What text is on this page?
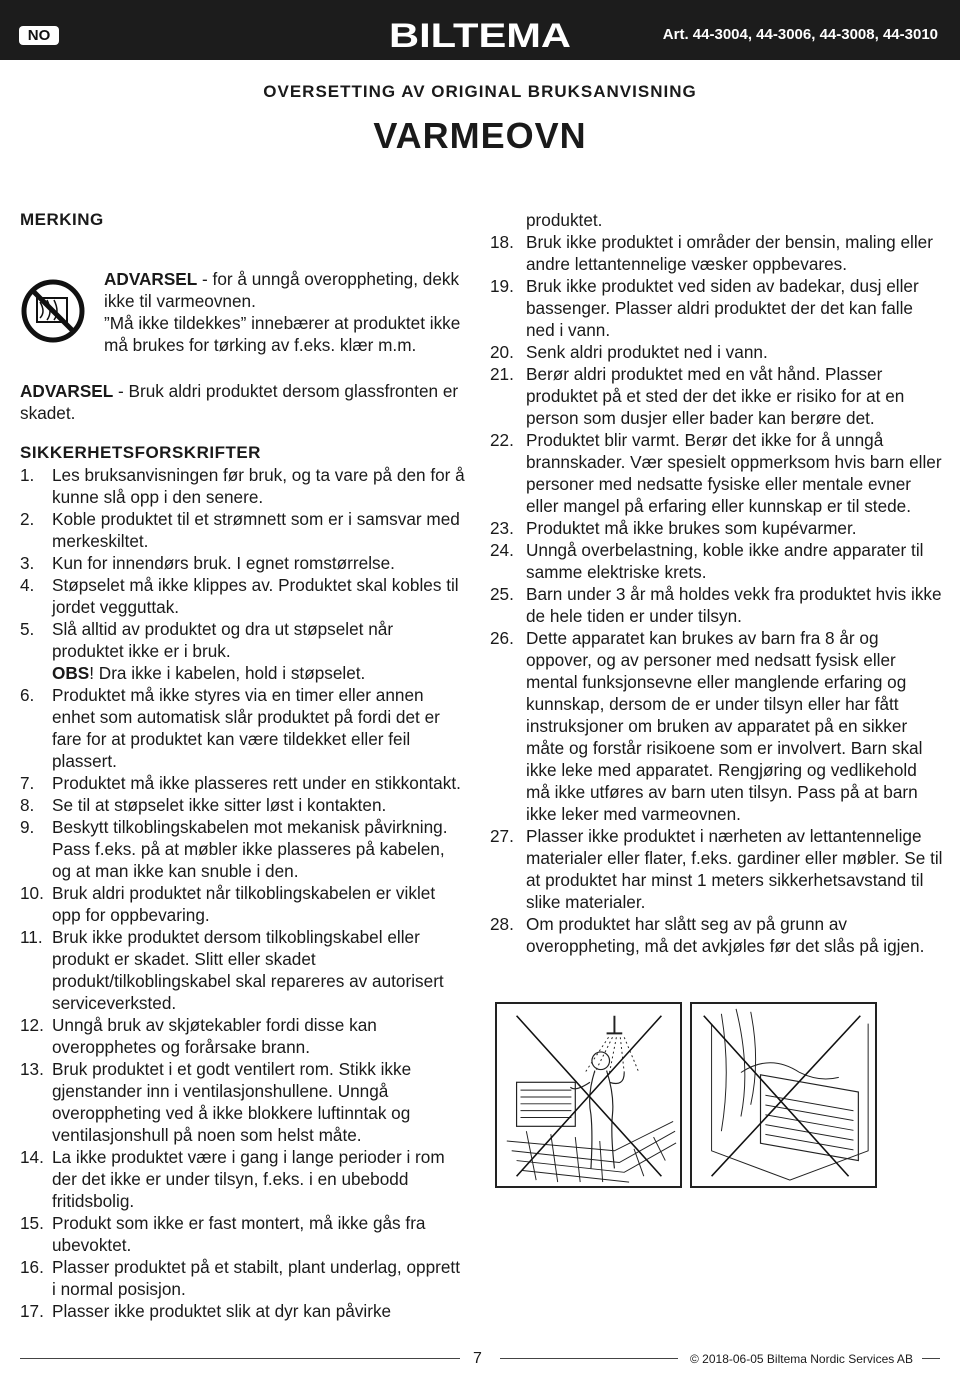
NO	BILTEMA	Art. 44-3004, 44-3006, 44-3008, 44-3010
OVERSETTING AV ORIGINAL BRUKSANVISNING
VARMEOVN
MERKING

ADVARSEL - for å unngå overoppheting, dekk ikke til varmeovnen.

”Må ikke tildekkes” innebærer at produktet ikke må brukes for tørking av f.eks. klær m.m.

ADVARSEL - Bruk aldri produktet dersom glassfronten er skadet.

SIKKERHETSFORSKRIFTER
1.	Les bruksanvisningen før bruk, og ta vare på den for å kunne slå opp i den senere.
2.	Koble produktet til et strømnett som er i samsvar med merkeskiltet.
3.	Kun for innendørs bruk. I egnet romstørrelse.
4.	Støpselet må ikke klippes av. Produktet skal kobles til jordet vegguttak.
5.	Slå alltid av produktet og dra ut støpselet når produktet ikke er i bruk.
OBS! Dra ikke i kabelen, hold i støpselet.
6.	Produktet må ikke styres via en timer eller annen enhet som automatisk slår produktet på fordi det er fare for at produktet kan være tildekket eller feil plassert.
7.	Produktet må ikke plasseres rett under en stikkontakt.
8.	Se til at støpselet ikke sitter løst i kontakten.
9.	Beskytt tilkoblingskabelen mot mekanisk påvirkning. Pass f.eks. på at møbler ikke plasseres på kabelen, og at man ikke kan snuble i den.
10. Bruk aldri produktet når tilkoblingskabelen er viklet opp for oppbevaring.
11. Bruk ikke produktet dersom tilkoblingskabel eller produkt er skadet. Slitt eller skadet produkt/tilkoblingskabel skal repareres av autorisert serviceverksted.
12. Unngå bruk av skjøtekabler fordi disse kan overopphetes og forårsake brann.
13. Bruk produktet i et godt ventilert rom. Stikk ikke gjenstander inn i ventilasjonshullene. Unngå overoppheting ved å ikke blokkere luftinntak og ventilasjonshull på noen som helst måte.
14. La ikke produktet være i gang i lange perioder i rom der det ikke er under tilsyn, f.eks. i en ubebodd fritidsbolig.
15. Produkt som ikke er fast montert, må ikke gås fra ubevoktet.
16. Plasser produktet på et stabilt, plant underlag, opprett i normal posisjon.
17. Plasser ikke produktet slik at dyr kan påvirke
produktet.
18. Bruk ikke produktet i områder der bensin, maling eller andre lettantennelige væsker oppbevares.
19. Bruk ikke produktet ved siden av badekar, dusj eller bassenger. Plasser aldri produktet der det kan falle ned i vann.
20. Senk aldri produktet ned i vann.
21. Berør aldri produktet med en våt hånd. Plasser produktet på et sted der det ikke er risiko for at en person som dusjer eller bader kan berøre det.
22. Produktet blir varmt. Berør det ikke for å unngå brannskader. Vær spesielt oppmerksom hvis barn eller personer med nedsatte fysiske eller mentale evner eller mangel på erfaring eller kunnskap er til stede.
23. Produktet må ikke brukes som kupévarmer.
24. Unngå overbelastning, koble ikke andre apparater til samme elektriske krets.
25. Barn under 3 år må holdes vekk fra produktet hvis ikke de hele tiden er under tilsyn.
26. Dette apparatet kan brukes av barn fra 8 år og oppover, og av personer med nedsatt fysisk eller mental funksjonsevne eller manglende erfaring og kunnskap, dersom de er under tilsyn eller har fått instruksjoner om bruken av apparatet på en sikker måte og forstår risikoene som er involvert. Barn skal ikke leke med apparatet. Rengjøring og vedlikehold må ikke utføres av barn uten tilsyn. Pass på at barn ikke leker med varmeovnen.
27. Plasser ikke produktet i nærheten av lettantennelige materialer eller flater, f.eks. gardiner eller møbler. Se til at produktet har minst 1 meters sikkerhetsavstand til slike materialer.
28. Om produktet har slått seg av på grunn av overoppheting, må det avkjøles før det slås på igjen.
7	© 2018-06-05 Biltema Nordic Services AB
